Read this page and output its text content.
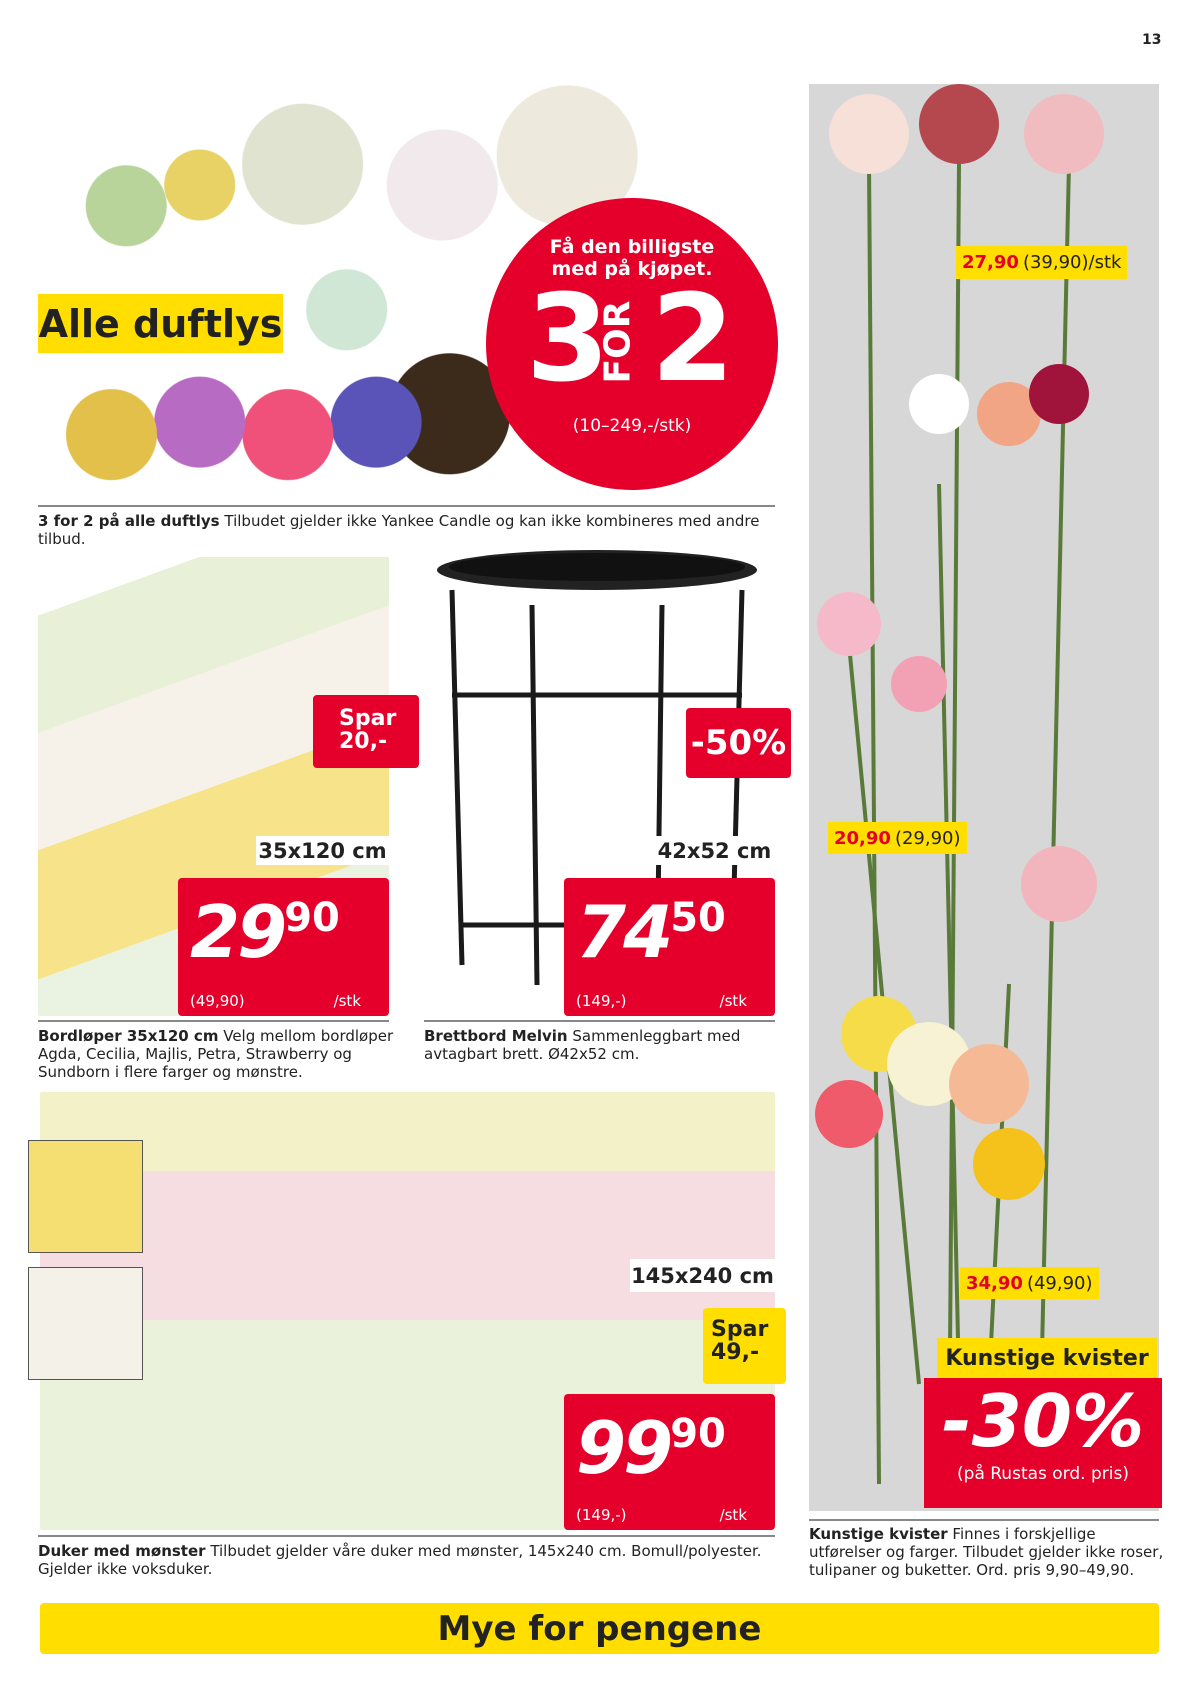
13
Alle duftlys
Få den billigste
med på kjøpet.
3
FOR 2
(10–249,-/stk)
3 for 2 på alle duftlys Tilbudet gjelder ikke Yankee Candle og kan ikke kombineres med andre tilbud.
Spar 20,-
35x120 cm
$29^{90}$
(49,90)	/stk
Bordløper 35x120 cm Velg mellom bordløper Agda, Cecilia, Majlis, Petra, Strawberry og Sundborn i flere farger og mønstre.
-50%
42x52 cm
$74^{50}$
(149,-)	/stk
Brettbord Melvin Sammenleggbart med avtagbart brett. Ø42x52 cm.
145x240 cm
Spar 49,-
$99^{90}$
(149,-)	/stk
Duker med mønster Tilbudet gjelder våre duker med mønster, 145x240 cm. Bomull/polyester. Gjelder ikke voksduker.
27,90 (39,90)/stk
20,90 (29,90)
34,90 (49,90)
Kunstige kvister
-30%
(på Rustas ord. pris)
Kunstige kvister Finnes i forskjellige utførelser og farger. Tilbudet gjelder ikke roser, tulipaner og buketter. Ord. pris 9,90–49,90.
Mye for pengene
